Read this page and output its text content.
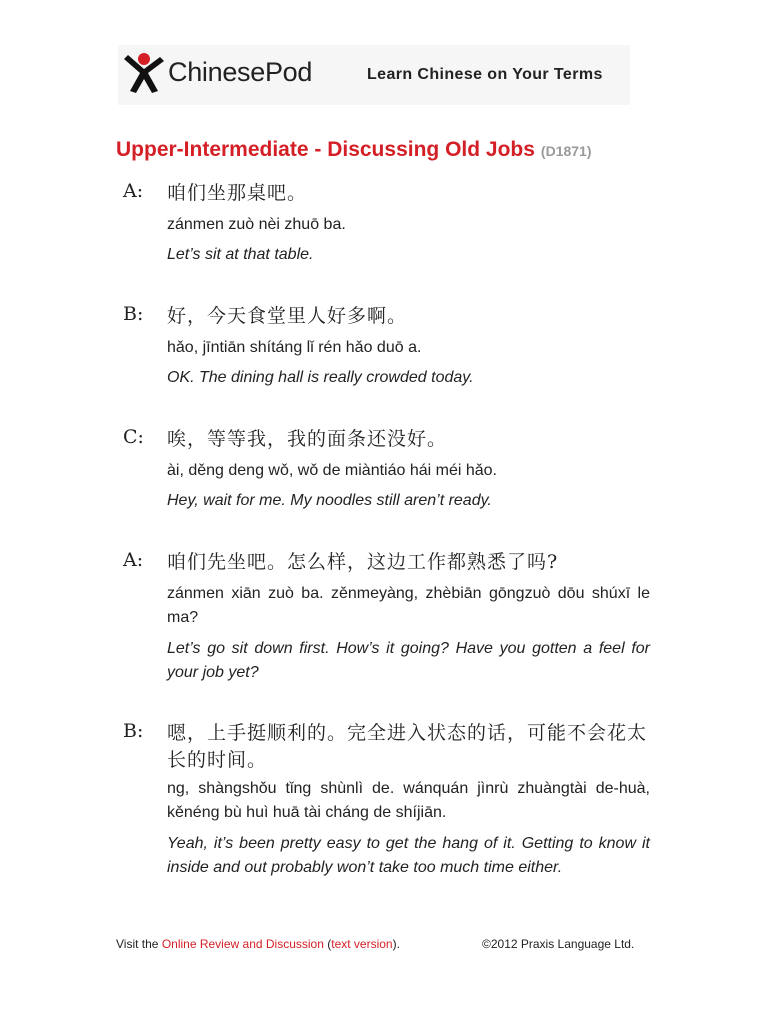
ChinesePod	Learn Chinese on Your Terms
Upper-Intermediate - Discussing Old Jobs (D1871)
A: 咱们坐那桌吧。
zánmen zuò nèi zhuō ba.
Let’s sit at that table.
B: 好，今天食堂里人好多啊。
hǎo, jīntiān shítáng lǐ rén hǎo duō a.
OK. The dining hall is really crowded today.
C: 唉，等等我，我的面条还没好。
ài, děng deng wǒ, wǒ de miàntiáo hái méi hǎo.
Hey, wait for me. My noodles still aren’t ready.
A: 咱们先坐吧。怎么样，这边工作都熟悉了吗?
zánmen xiān zuò ba. zěnmeyàng, zhèbiān gōngzuò dōu shúxī le ma?
Let’s go sit down first. How’s it going? Have you gotten a feel for your job yet?
B: 嗯，上手挺顺利的。完全进入状态的话，可能不会花太长的时间。
ng, shàngshǒu tǐng shùnlì de. wánquán jìnrù zhuàngtài de-huà, kěnéng bù huì huā tài cháng de shíjiān.
Yeah, it’s been pretty easy to get the hang of it. Getting to know it inside and out probably won’t take too much time either.
Visit the Online Review and Discussion (text version).	©2012 Praxis Language Ltd.
